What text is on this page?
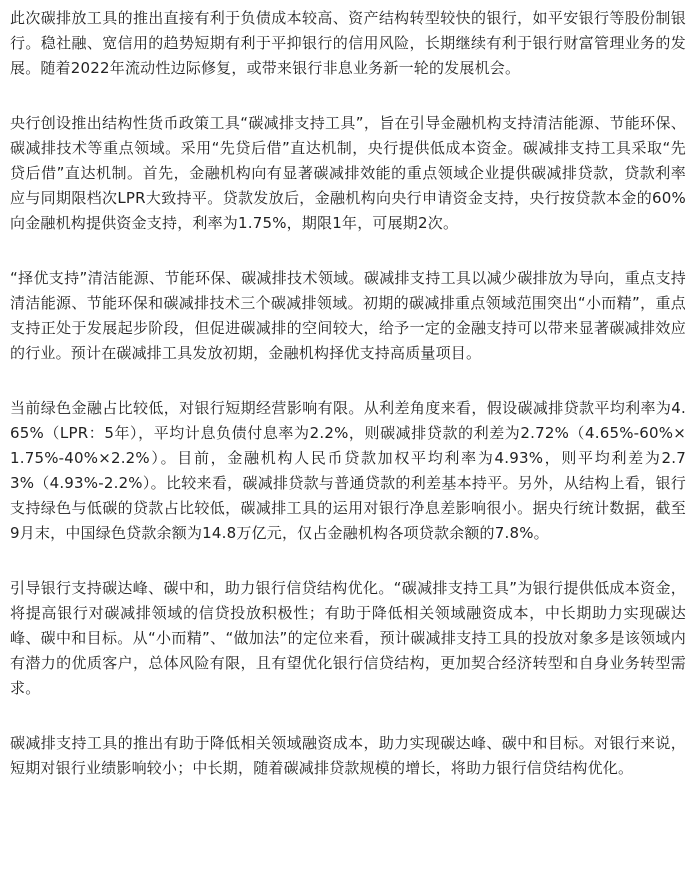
此次碳排放工具的推出直接有利于负债成本较高、资产结构转型较快的银行，如平安银行等股份制银行。稳社融、宽信用的趋势短期有利于平抑银行的信用风险，长期继续有利于银行财富管理业务的发展。随着2022年流动性边际修复，或带来银行非息业务新一轮的发展机会。

央行创设推出结构性货币政策工具“碳减排支持工具”，旨在引导金融机构支持清洁能源、节能环保、碳减排技术等重点领域。采用“先贷后借”直达机制，央行提供低成本资金。碳减排支持工具采取“先贷后借”直达机制。首先，金融机构向有显著碳减排效能的重点领域企业提供碳减排贷款，贷款利率应与同期限档次LPR大致持平。贷款发放后，金融机构向央行申请资金支持，央行按贷款本金的60%向金融机构提供资金支持，利率为1.75%，期限1年，可展期2次。

“择优支持”清洁能源、节能环保、碳减排技术领域。碳减排支持工具以减少碳排放为导向，重点支持清洁能源、节能环保和碳减排技术三个碳减排领域。初期的碳减排重点领域范围突出“小而精”，重点支持正处于发展起步阶段，但促进碳减排的空间较大，给予一定的金融支持可以带来显著碳减排效应的行业。预计在碳减排工具发放初期，金融机构择优支持高质量项目。

当前绿色金融占比较低，对银行短期经营影响有限。从利差角度来看，假设碳减排贷款平均利率为4.65%（LPR：5年），平均计息负债付息率为2.2%，则碳减排贷款的利差为2.72%（4.65%-60%×1.75%-40%×2.2%）。目前，金融机构人民币贷款加权平均利率为4.93%，则平均利差为2.73%（4.93%-2.2%）。比较来看，碳减排贷款与普通贷款的利差基本持平。另外，从结构上看，银行支持绿色与低碳的贷款占比较低，碳减排工具的运用对银行净息差影响很小。据央行统计数据，截至9月末，中国绿色贷款余额为14.8万亿元，仅占金融机构各项贷款余额的7.8%。

引导银行支持碳达峰、碳中和，助力银行信贷结构优化。“碳减排支持工具”为银行提供低成本资金，将提高银行对碳减排领域的信贷投放积极性；有助于降低相关领域融资成本，中长期助力实现碳达峰、碳中和目标。从“小而精”、“做加法”的定位来看，预计碳减排支持工具的投放对象多是该领域内有潜力的优质客户，总体风险有限，且有望优化银行信贷结构，更加契合经济转型和自身业务转型需求。

碳减排支持工具的推出有助于降低相关领域融资成本，助力实现碳达峰、碳中和目标。对银行来说，短期对银行业绩影响较小；中长期，随着碳减排贷款规模的增长，将助力银行信贷结构优化。
